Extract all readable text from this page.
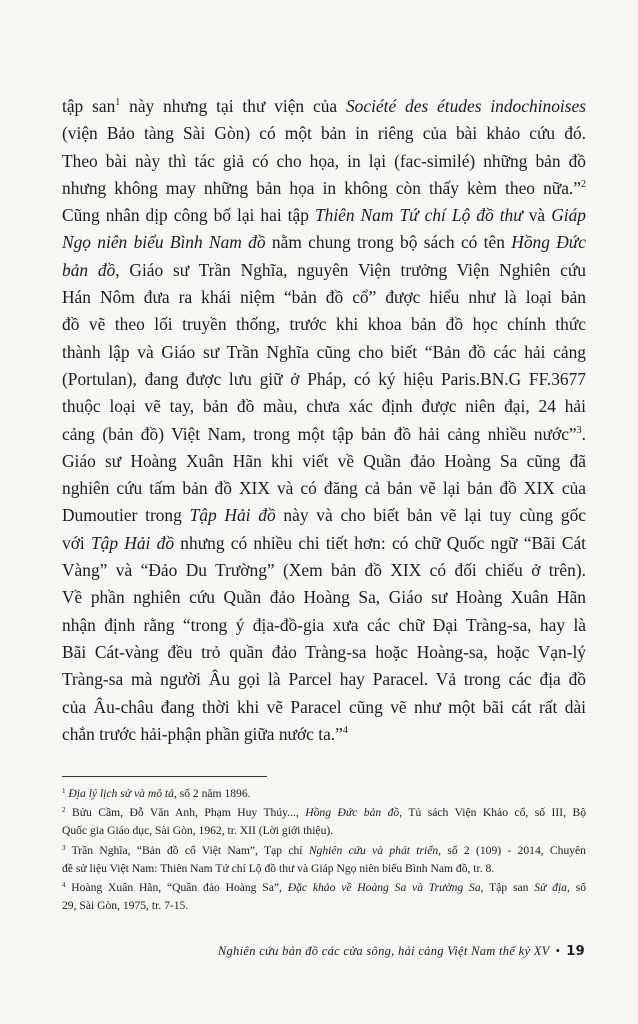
tập san$^1$ này nhưng tại thư viện của Société des études indochinoises
(viện Bảo tàng Sài Gòn) có một bản in riêng của bài khảo cứu đó.
Theo bài này thì tác giả có cho họa, in lại (fac-similé) những bản đồ
nhưng không may những bản họa in không còn thấy kèm theo nữa.”$^2$
Cũng nhân dịp công bố lại hai tập Thiên Nam Tứ chí Lộ đồ thư và Giáp
Ngọ niên biểu Bình Nam đồ nằm chung trong bộ sách có tên Hồng Đức
bản đồ, Giáo sư Trần Nghĩa, nguyên Viện trưởng Viện Nghiên cứu
Hán Nôm đưa ra khái niệm “bản đồ cổ” được hiểu như là loại bản
đồ vẽ theo lối truyền thống, trước khi khoa bản đồ học chính thức
thành lập và Giáo sư Trần Nghĩa cũng cho biết “Bản đồ các hải cảng
(Portulan), đang được lưu giữ ở Pháp, có ký hiệu Paris.BN.G FF.3677
thuộc loại vẽ tay, bản đồ màu, chưa xác định được niên đại, 24 hải
cảng (bản đồ) Việt Nam, trong một tập bản đồ hải cảng nhiều nước”$^3$.
Giáo sư Hoàng Xuân Hãn khi viết về Quần đảo Hoàng Sa cũng đã
nghiên cứu tấm bản đồ XIX và có đăng cả bản vẽ lại bản đồ XIX của
Dumoutier trong Tập Hải đồ này và cho biết bản vẽ lại tuy cùng gốc
với Tập Hải đồ nhưng có nhiều chi tiết hơn: có chữ Quốc ngữ “Bãi Cát
Vàng” và “Đảo Du Trường” (Xem bản đồ XIX có đối chiếu ở trên).
Về phần nghiên cứu Quần đảo Hoàng Sa, Giáo sư Hoàng Xuân Hãn
nhận định rằng “trong ý địa-đồ-gia xưa các chữ Đại Tràng-sa, hay là
Bãi Cát-vàng đều trỏ quần đảo Tràng-sa hoặc Hoàng-sa, hoặc Vạn-lý
Tràng-sa mà người Âu gọi là Parcel hay Paracel. Vả trong các địa đồ
của Âu-châu đang thời khi vẽ Paracel cũng vẽ như một bãi cát rất dài
chắn trước hải-phận phần giữa nước ta.”$^4$
$^1$ Địa lý lịch sử và mô tả, số 2 năm 1896.
$^2$ Bửu Cầm, Đỗ Văn Anh, Phạm Huy Thúy..., Hồng Đức bản đồ, Tủ sách Viện Khảo cổ, số III, Bộ
Quốc gia Giáo dục, Sài Gòn, 1962, tr. XII (Lời giới thiệu).
$^3$ Trần Nghĩa, “Bản đồ cổ Việt Nam”, Tạp chí Nghiên cứu và phát triển, số 2 (109) - 2014, Chuyên
đề sử liệu Việt Nam: Thiên Nam Tứ chí Lộ đồ thư và Giáp Ngọ niên biểu Bình Nam đồ, tr. 8.
$^4$ Hoàng Xuân Hãn, “Quần đảo Hoàng Sa”, Đặc khảo về Hoàng Sa và Trường Sa, Tập san Sử địa, số
29, Sài Gòn, 1975, tr. 7-15.
Nghiên cứu bản đồ các cửa sông, hải cảng Việt Nam thế kỷ XV • 19
